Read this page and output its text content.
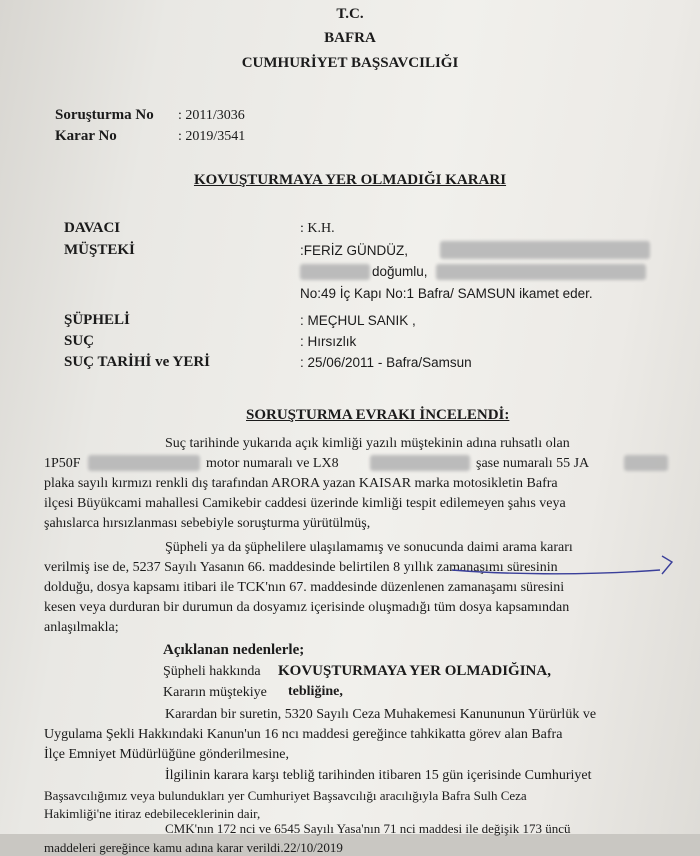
T.C.
BAFRA
CUMHURİYET BAŞSAVCILIĞI
Soruşturma No : 2011/3036
Karar No	: 2019/3541
KOVUŞTURMAYA YER OLMADIĞI KARARI
DAVACI	: K.H.
MÜŞTEKİ	:FERİZ GÜNDÜZ,
doğumlu,
No:49 İç Kapı No:1 Bafra/ SAMSUN ikamet eder.
ŞÜPHELİ	: MEÇHUL SANIK ,
SUÇ	: Hırsızlık
SUÇ TARİHİ ve YERİ	: 25/06/2011 - Bafra/Samsun
SORUŞTURMA EVRAKI İNCELENDİ:
Suç tarihinde yukarıda açık kimliği yazılı müştekinin adına ruhsatlı olan
1P50F	motor numaralı ve LX8	şase numaralı 55 JA
plaka sayılı kırmızı renkli dış tarafından ARORA yazan KAISAR marka motosikletin Bafra
ilçesi Büyükcami mahallesi Camikebir caddesi üzerinde kimliği tespit edilemeyen şahıs veya
şahıslarca hırsızlanması sebebiyle soruşturma yürütülmüş,
Şüpheli ya da şüphelilere ulaşılamamış ve sonucunda daimi arama kararı
verilmiş ise de, 5237 Sayılı Yasanın 66. maddesinde belirtilen 8 yıllık zamanaşımı süresinin
dolduğu, dosya kapsamı itibari ile TCK'nın 67. maddesinde düzenlenen zamanaşamı süresini
kesen veya durduran bir durumun da dosyamız içerisinde oluşmadığı tüm dosya kapsamından
anlaşılmakla;
Açıklanan nedenlerle;
Şüpheli hakkında KOVUŞTURMAYA YER OLMADIĞINA,
Kararın müştekiye tebliğine,
Karardan bir suretin, 5320 Sayılı Ceza Muhakemesi Kanununun Yürürlük ve
Uygulama Şekli Hakkındaki Kanun'un 16 ncı maddesi gereğince tahkikatta görev alan Bafra
İlçe Emniyet Müdürlüğüne gönderilmesine,
İlgilinin karara karşı tebliğ tarihinden itibaren 15 gün içerisinde Cumhuriyet
Başsavcılığımız veya bulundukları yer Cumhuriyet Başsavcılığı aracılığıyla Bafra Sulh Ceza
Hakimliği'ne itiraz edebileceklerinin dair,
CMK'nın 172 nci ve 6545 Sayılı Yasa'nın 71 nci maddesi ile değişik 173 üncü
maddeleri gereğince kamu adına karar verildi.22/10/2019
